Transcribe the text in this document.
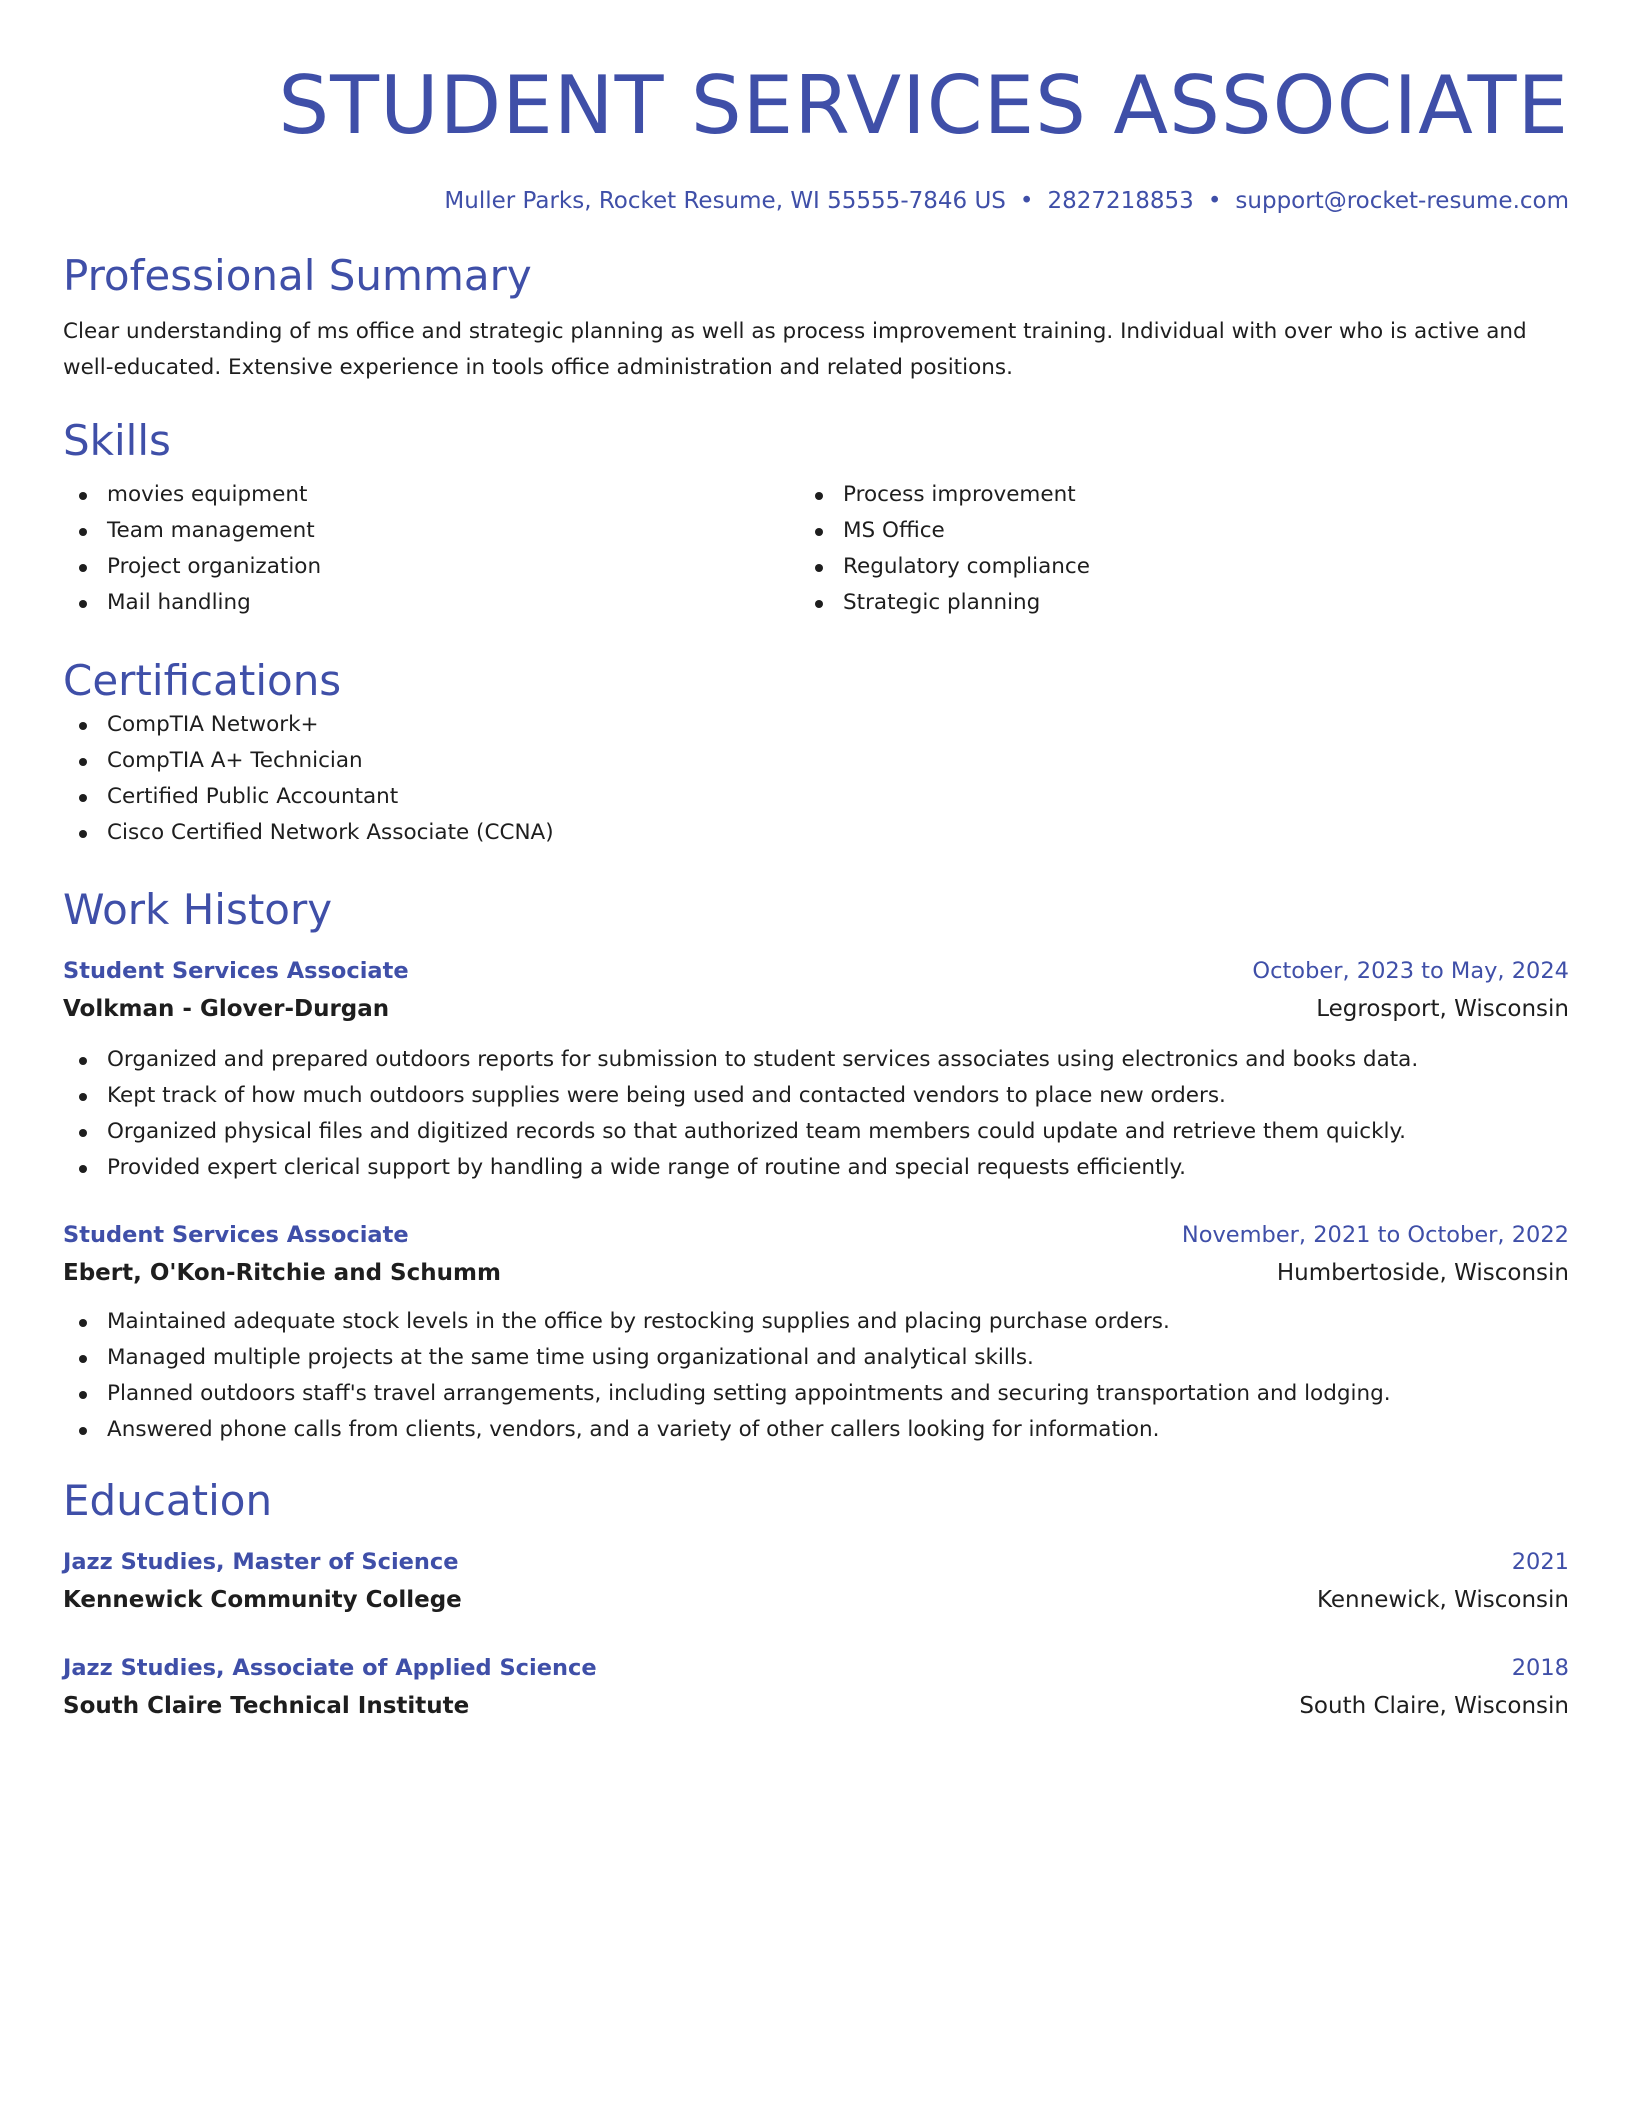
STUDENT SERVICES ASSOCIATE
Muller Parks, Rocket Resume, WI 55555-7846 US • 2827218853 • support@rocket-resume.com
Professional Summary
Clear understanding of ms office and strategic planning as well as process improvement training. Individual with over who is active and well-educated. Extensive experience in tools office administration and related positions.
Skills
movies equipment
Team management
Project organization
Mail handling
Process improvement
MS Office
Regulatory compliance
Strategic planning
Certifications
CompTIA Network+
CompTIA A+ Technician
Certified Public Accountant
Cisco Certified Network Associate (CCNA)
Work History
Student Services Associate	October, 2023 to May, 2024
Volkman - Glover-Durgan	Legrosport, Wisconsin
Organized and prepared outdoors reports for submission to student services associates using electronics and books data.
Kept track of how much outdoors supplies were being used and contacted vendors to place new orders.
Organized physical files and digitized records so that authorized team members could update and retrieve them quickly.
Provided expert clerical support by handling a wide range of routine and special requests efficiently.
Student Services Associate	November, 2021 to October, 2022
Ebert, O'Kon-Ritchie and Schumm	Humbertoside, Wisconsin
Maintained adequate stock levels in the office by restocking supplies and placing purchase orders.
Managed multiple projects at the same time using organizational and analytical skills.
Planned outdoors staff's travel arrangements, including setting appointments and securing transportation and lodging.
Answered phone calls from clients, vendors, and a variety of other callers looking for information.
Education
Jazz Studies, Master of Science	2021
Kennewick Community College	Kennewick, Wisconsin
Jazz Studies, Associate of Applied Science	2018
South Claire Technical Institute	South Claire, Wisconsin
